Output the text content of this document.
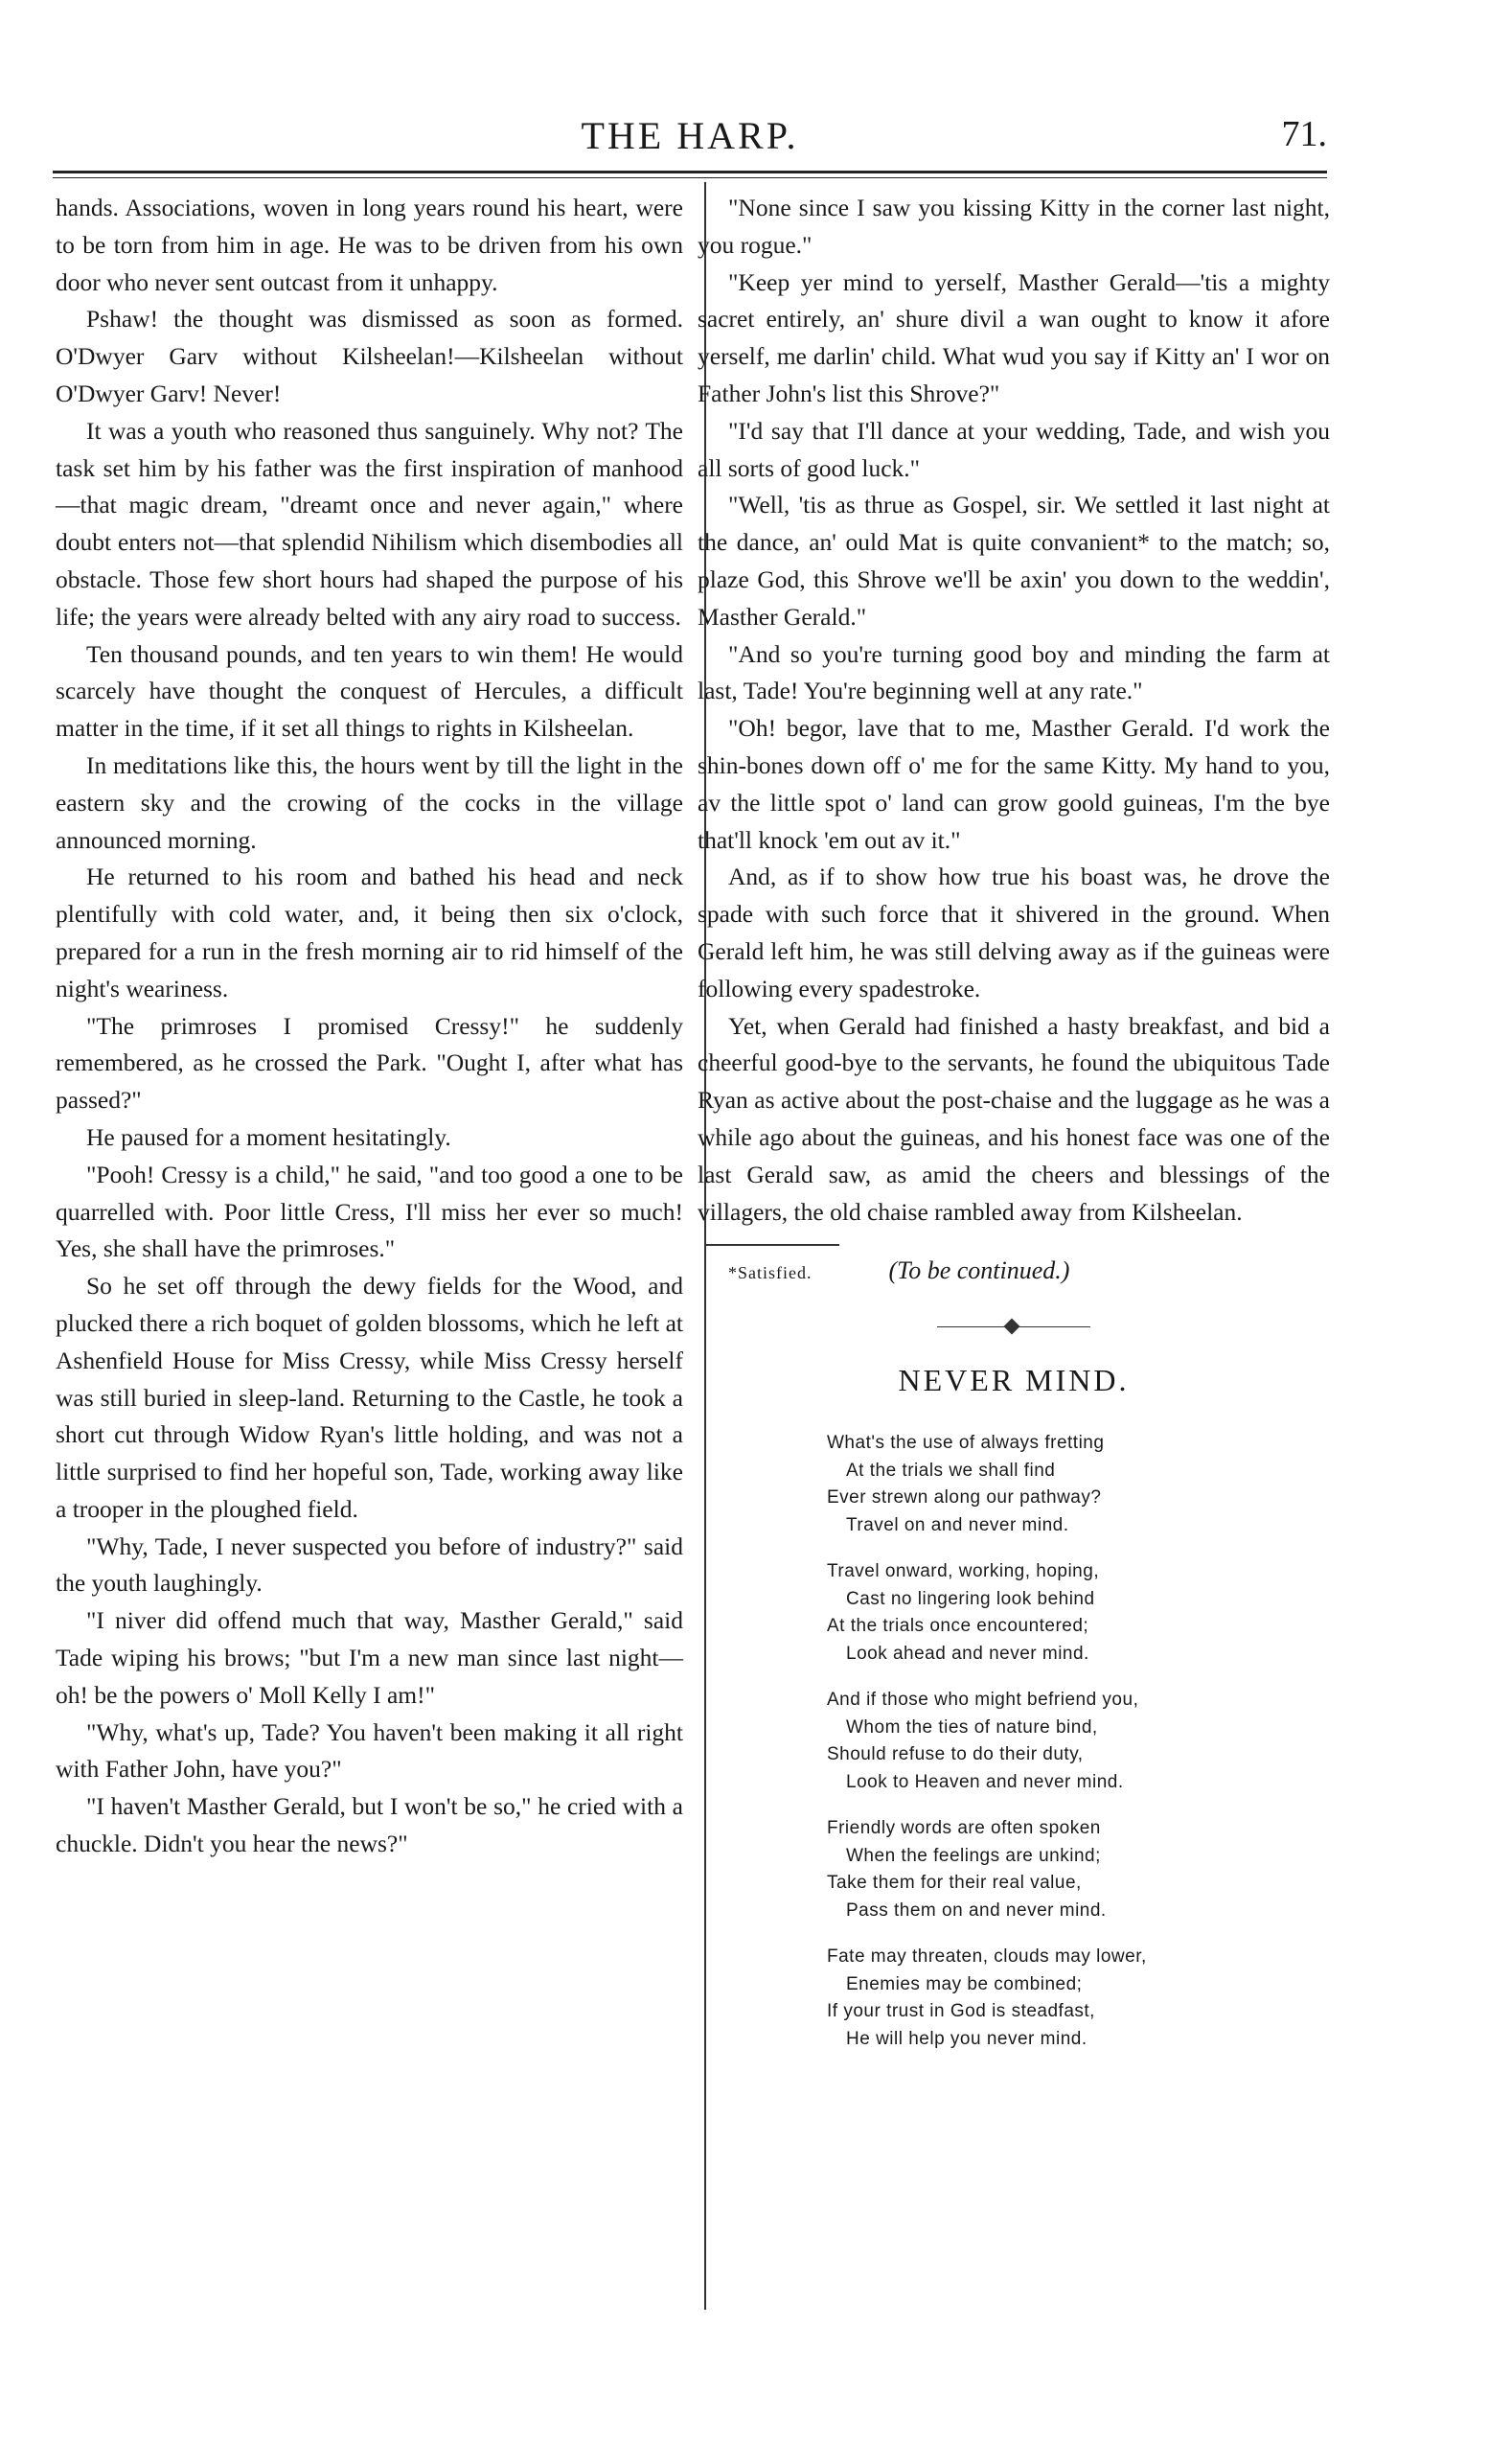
THE HARP.	71.

hands. Associations, woven in long years round his heart, were to be torn from him in age. He was to be driven from his own door who never sent outcast from it unhappy.

Pshaw! the thought was dismissed as soon as formed. O'Dwyer Garv without Kilsheelan!—Kilsheelan without O'Dwyer Garv! Never!

It was a youth who reasoned thus sanguinely. Why not? The task set him by his father was the first inspiration of manhood—that magic dream, "dreamt once and never again," where doubt enters not—that splendid Nihilism which disembodies all obstacle. Those few short hours had shaped the purpose of his life; the years were already belted with any airy road to success.

Ten thousand pounds, and ten years to win them! He would scarcely have thought the conquest of Hercules, a difficult matter in the time, if it set all things to rights in Kilsheelan.

In meditations like this, the hours went by till the light in the eastern sky and the crowing of the cocks in the village announced morning.

He returned to his room and bathed his head and neck plentifully with cold water, and, it being then six o'clock, prepared for a run in the fresh morning air to rid himself of the night's weariness.

"The primroses I promised Cressy!" he suddenly remembered, as he crossed the Park. "Ought I, after what has passed?"

He paused for a moment hesitatingly.

"Pooh! Cressy is a child," he said, "and too good a one to be quarrelled with. Poor little Cress, I'll miss her ever so much! Yes, she shall have the primroses."

So he set off through the dewy fields for the Wood, and plucked there a rich boquet of golden blossoms, which he left at Ashenfield House for Miss Cressy, while Miss Cressy herself was still buried in sleep-land. Returning to the Castle, he took a short cut through Widow Ryan's little holding, and was not a little surprised to find her hopeful son, Tade, working away like a trooper in the ploughed field.

"Why, Tade, I never suspected you before of industry?" said the youth laughingly.

"I niver did offend much that way, Masther Gerald," said Tade wiping his brows; "but I'm a new man since last night—oh! be the powers o' Moll Kelly I am!"

"Why, what's up, Tade? You haven't been making it all right with Father John, have you?"

"I haven't Masther Gerald, but I won't be so," he cried with a chuckle. Didn't you hear the news?"

"None since I saw you kissing Kitty in the corner last night, you rogue."

"Keep yer mind to yerself, Masther Gerald—'tis a mighty sacret entirely, an' shure divil a wan ought to know it afore yerself, me darlin' child. What wud you say if Kitty an' I wor on Father John's list this Shrove?"

"I'd say that I'll dance at your wedding, Tade, and wish you all sorts of good luck."

"Well, 'tis as thrue as Gospel, sir. We settled it last night at the dance, an' ould Mat is quite convanient* to the match; so, plaze God, this Shrove we'll be axin' you down to the weddin', Masther Gerald."

"And so you're turning good boy and minding the farm at last, Tade! You're beginning well at any rate."

"Oh! begor, lave that to me, Masther Gerald. I'd work the shin-bones down off o' me for the same Kitty. My hand to you, av the little spot o' land can grow goold guineas, I'm the bye that'll knock 'em out av it."

And, as if to show how true his boast was, he drove the spade with such force that it shivered in the ground. When Gerald left him, he was still delving away as if the guineas were following every spadestroke.

Yet, when Gerald had finished a hasty breakfast, and bid a cheerful good-bye to the servants, he found the ubiquitous Tade Ryan as active about the post-chaise and the luggage as he was a while ago about the guineas, and his honest face was one of the last Gerald saw, as amid the cheers and blessings of the villagers, the old chaise rambled away from Kilsheelan.

*Satisfied.	(To be continued.)
NEVER MIND.
What's the use of always fretting
At the trials we shall find
Ever strewn along our pathway?
Travel on and never mind.
Travel onward, working, hoping,
Cast no lingering look behind
At the trials once encountered;
Look ahead and never mind.
And if those who might befriend you,
Whom the ties of nature bind,
Should refuse to do their duty,
Look to Heaven and never mind.
Friendly words are often spoken
When the feelings are unkind;
Take them for their real value,
Pass them on and never mind.
Fate may threaten, clouds may lower,
Enemies may be combined;
If your trust in God is steadfast,
He will help you never mind.
